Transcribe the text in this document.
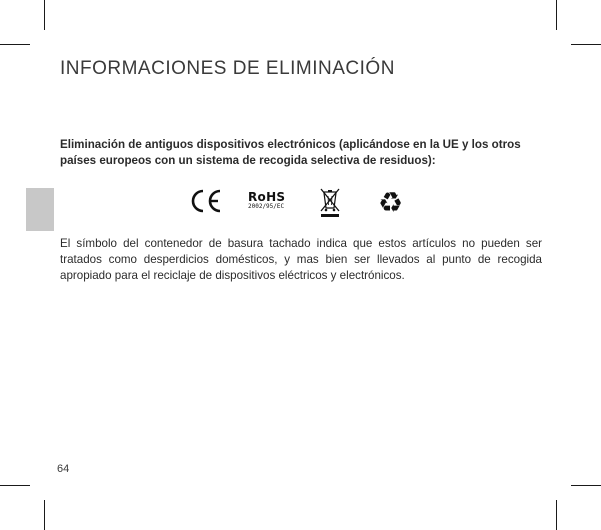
INFORMACIONES DE ELIMINACIÓN

Eliminación de antiguos dispositivos electrónicos (aplicándose en la UE y los otros países europeos con un sistema de recogida selectiva de residuos):

RoHS
2002/95/EC	♻

El símbolo del contenedor de basura tachado indica que estos artículos no pueden ser tratados como desperdicios domésticos, y mas bien ser llevados al punto de recogida apropiado para el reciclaje de dispositivos eléctricos y electrónicos.

64
